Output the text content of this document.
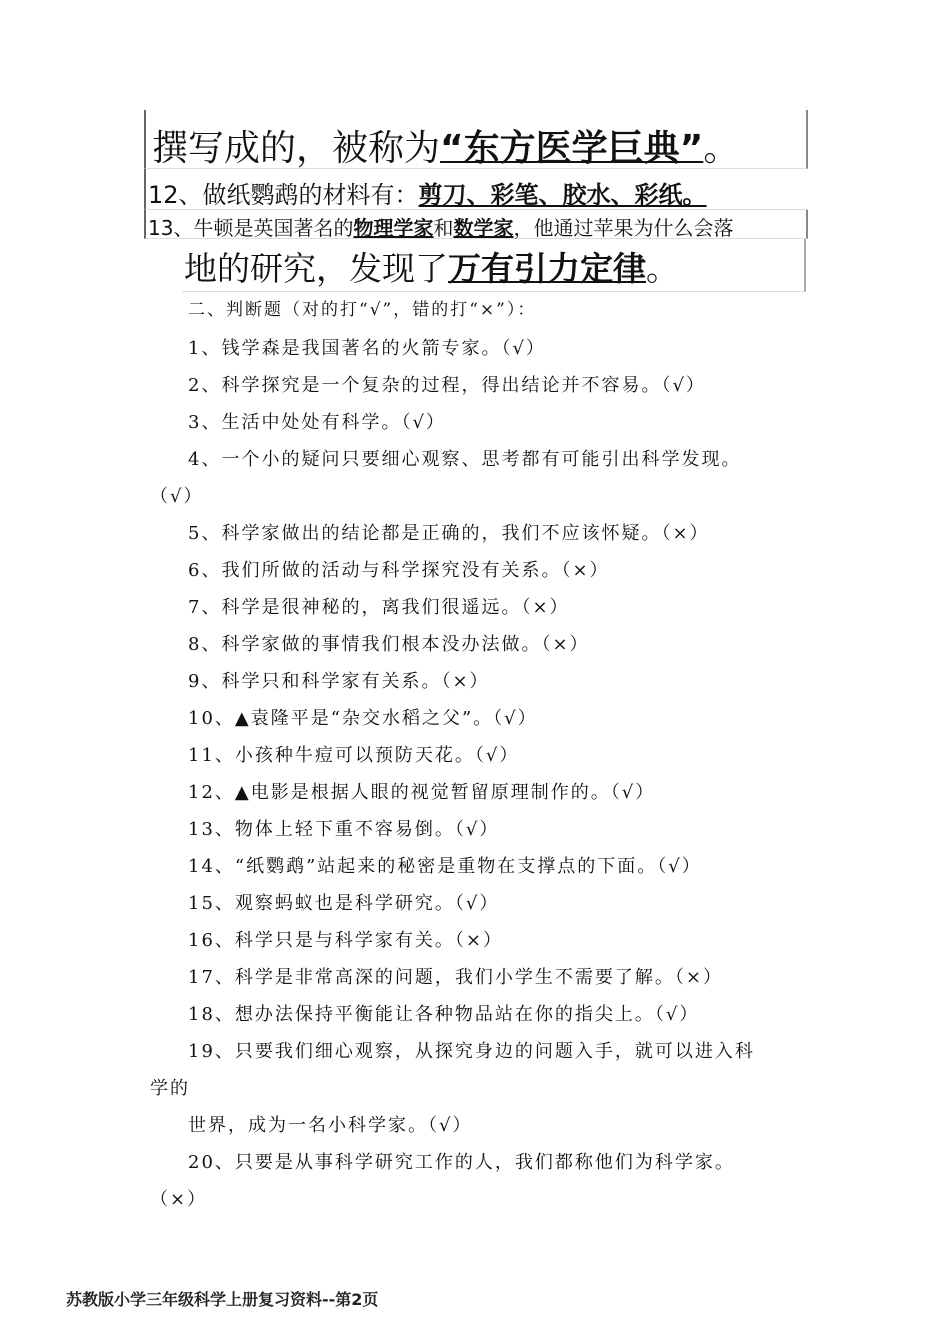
撰写成的，被称为“东方医学巨典”。
12、做纸鹦鹉的材料有：剪刀、彩笔、胶水、彩纸。
13、牛顿是英国著名的物理学家和数学家，他通过苹果为什么会落
地的研究，发现了万有引力定律。
二、判断题（对的打“√”，错的打“×”）：
1、钱学森是我国著名的火箭专家。（√）
2、科学探究是一个复杂的过程，得出结论并不容易。（√）
3、生活中处处有科学。（√）
4、一个小的疑问只要细心观察、思考都有可能引出科学发现。
（√）
5、科学家做出的结论都是正确的，我们不应该怀疑。（×）
6、我们所做的活动与科学探究没有关系。（×）
7、科学是很神秘的，离我们很遥远。（×）
8、科学家做的事情我们根本没办法做。（×）
9、科学只和科学家有关系。（×）
10、▲袁隆平是“杂交水稻之父”。（√）
11、小孩种牛痘可以预防天花。（√）
12、▲电影是根据人眼的视觉暂留原理制作的。（√）
13、物体上轻下重不容易倒。（√）
14、“纸鹦鹉”站起来的秘密是重物在支撑点的下面。（√）
15、观察蚂蚁也是科学研究。（√）
16、科学只是与科学家有关。（×）
17、科学是非常高深的问题，我们小学生不需要了解。（×）
18、想办法保持平衡能让各种物品站在你的指尖上。（√）
19、只要我们细心观察，从探究身边的问题入手，就可以进入科
学的
世界，成为一名小科学家。（√）
20、只要是从事科学研究工作的人，我们都称他们为科学家。
（×）
苏教版小学三年级科学上册复习资料--第2页
